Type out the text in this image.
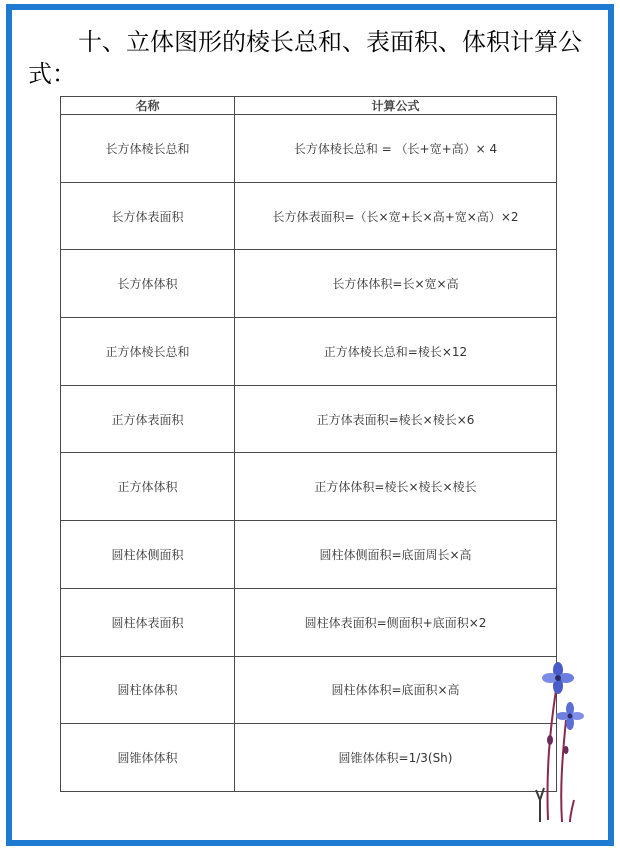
十、立体图形的棱长总和、表面积、体积计算公式：

名称	计算公式
长方体棱长总和	长方体棱长总和 = （长+宽+高）× 4
长方体表面积	长方体表面积=（长×宽+长×高+宽×高）×2
长方体体积	长方体体积=长×宽×高
正方体棱长总和	正方体棱长总和=棱长×12
正方体表面积	正方体表面积=棱长×棱长×6
正方体体积	正方体体积=棱长×棱长×棱长
圆柱体侧面积	圆柱体侧面积=底面周长×高
圆柱体表面积	圆柱体表面积=侧面积+底面积×2
圆柱体体积	圆柱体体积=底面积×高
圆锥体体积	圆锥体体积=1/3(Sh)
